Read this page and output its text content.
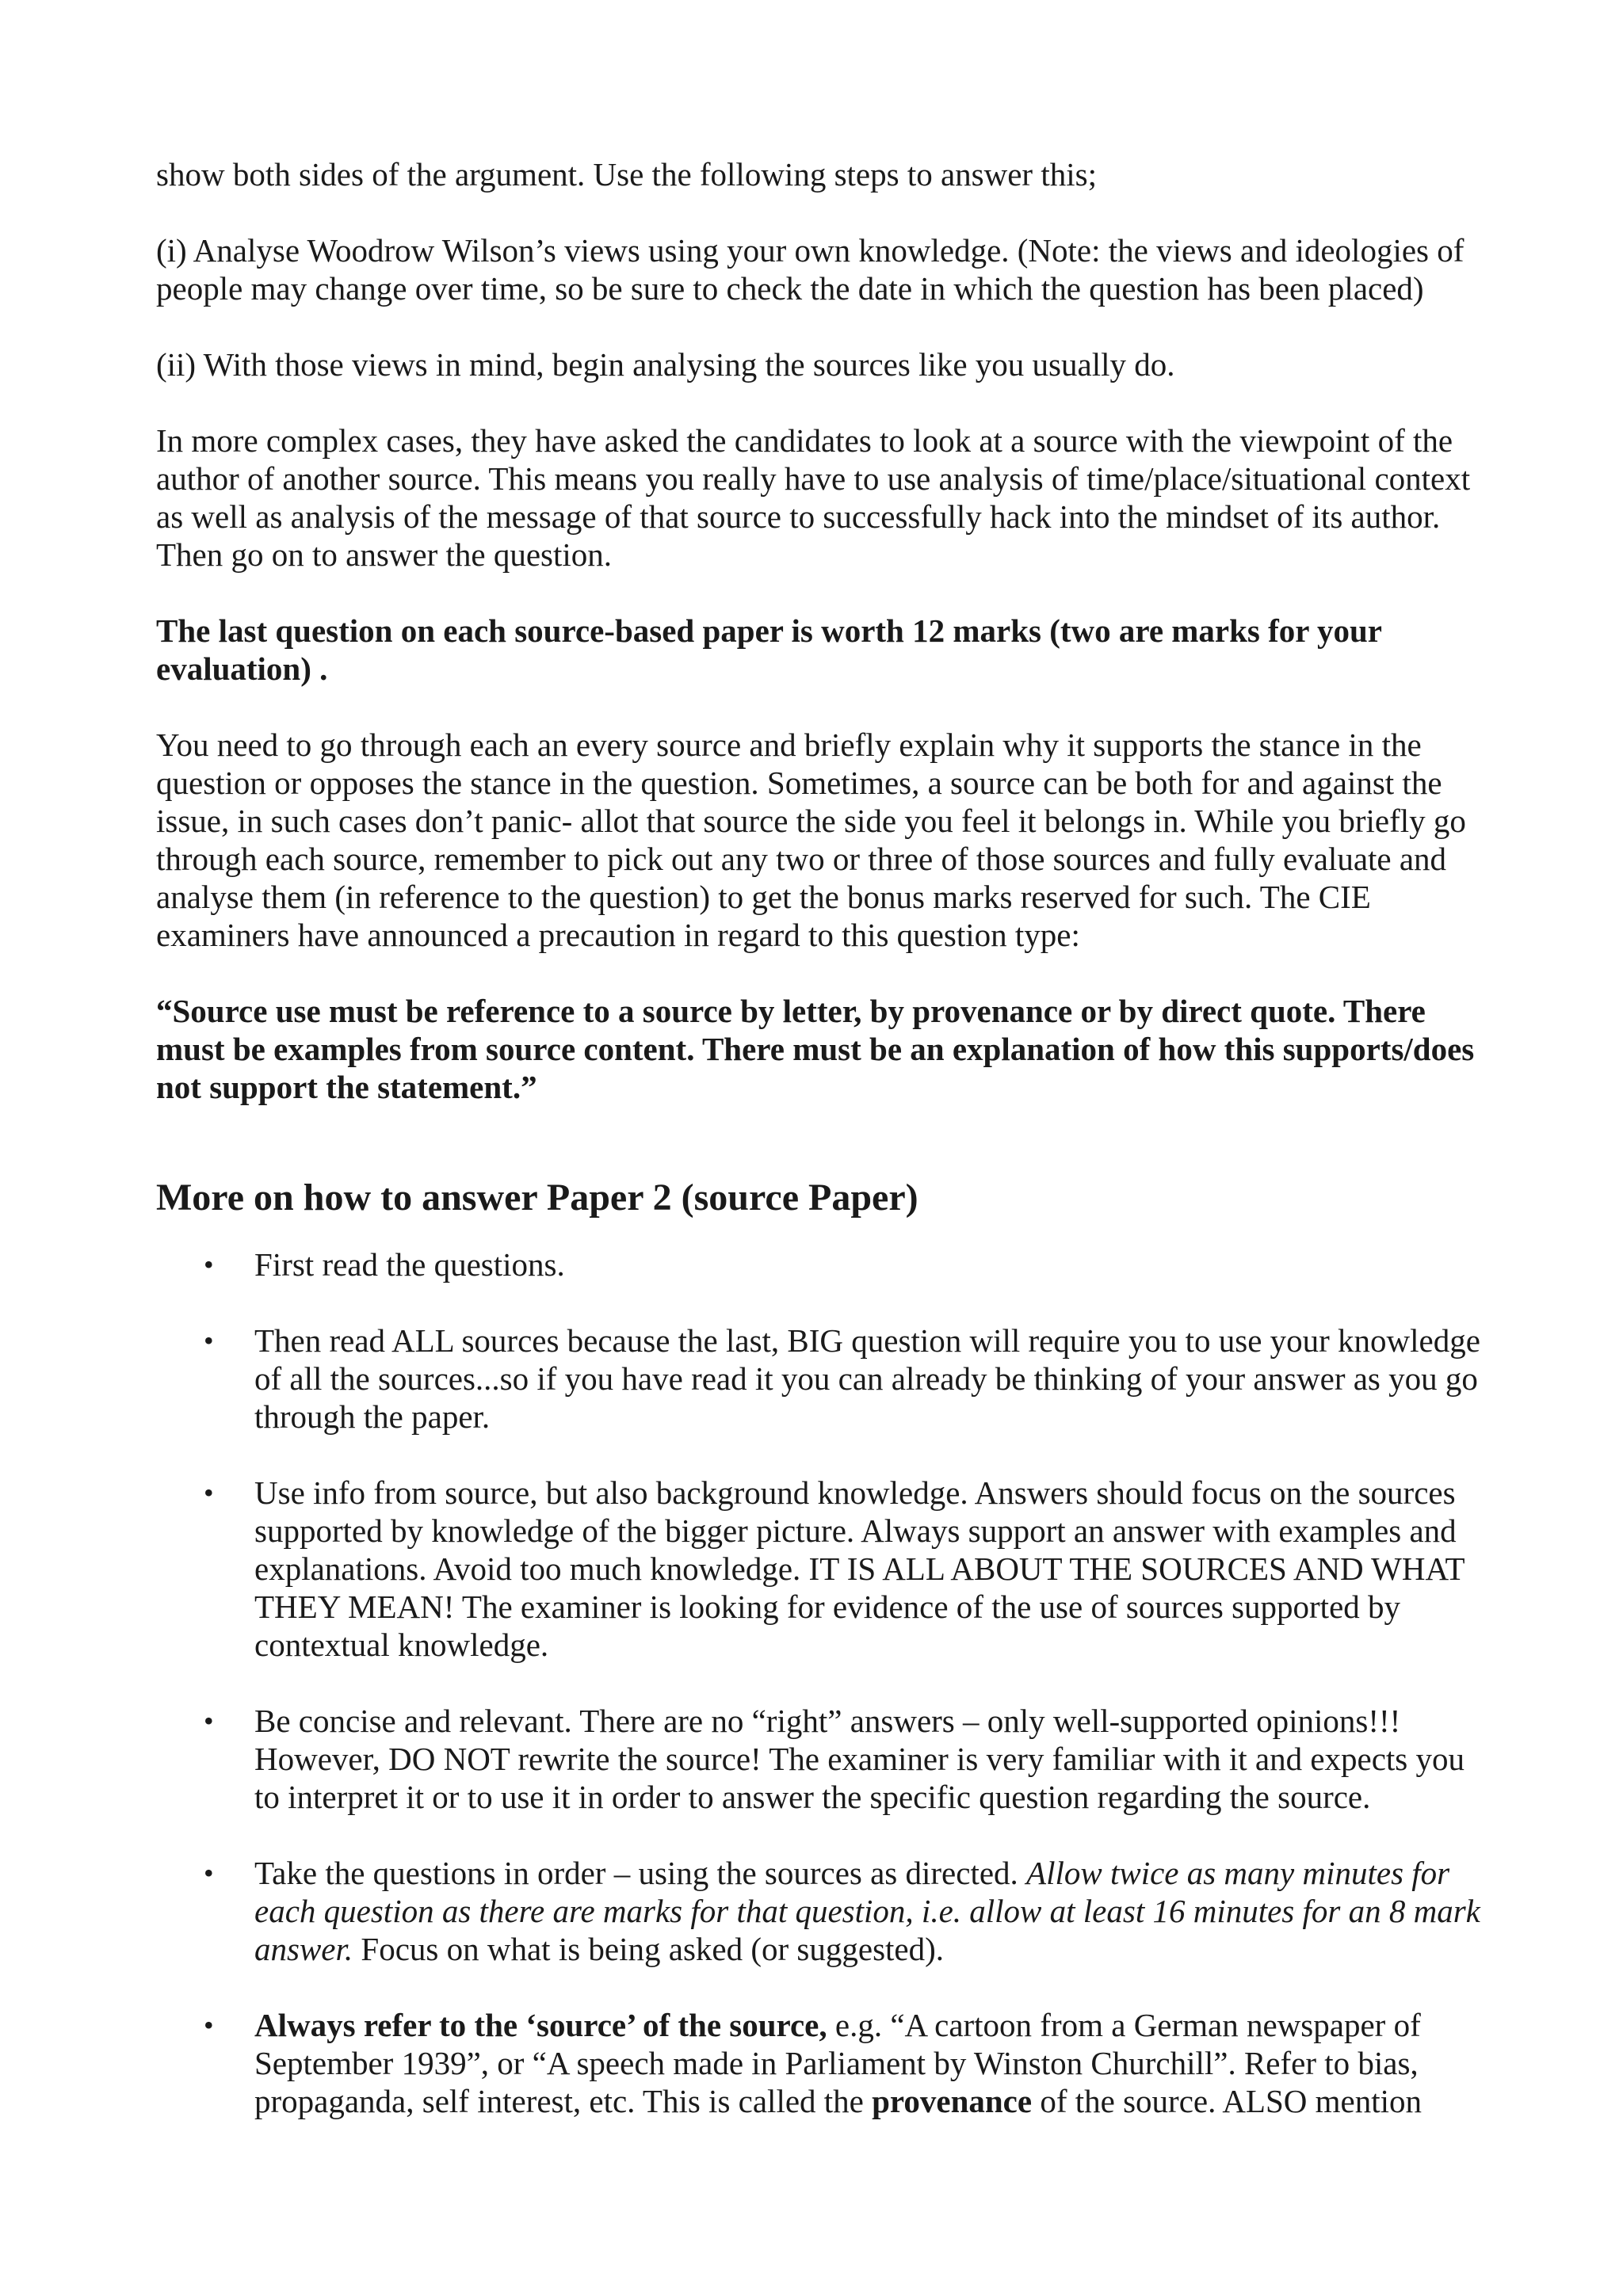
show both sides of the argument. Use the following steps to answer this;

(i) Analyse Woodrow Wilson’s views using your own knowledge. (Note: the views and ideologies of people may change over time, so be sure to check the date in which the question has been placed)

(ii) With those views in mind, begin analysing the sources like you usually do.

In more complex cases, they have asked the candidates to look at a source with the viewpoint of the author of another source. This means you really have to use analysis of time/place/situational context as well as analysis of the message of that source to successfully hack into the mindset of its author. Then go on to answer the question.

The last question on each source-based paper is worth 12 marks (two are marks for your evaluation) .

You need to go through each an every source and briefly explain why it supports the stance in the question or opposes the stance in the question. Sometimes, a source can be both for and against the issue, in such cases don’t panic- allot that source the side you feel it belongs in. While you briefly go through each source, remember to pick out any two or three of those sources and fully evaluate and analyse them (in reference to the question) to get the bonus marks reserved for such. The CIE examiners have announced a precaution in regard to this question type:

“Source use must be reference to a source by letter, by provenance or by direct quote. There must be examples from source content. There must be an explanation of how this supports/does not support the statement.”

More on how to answer Paper 2 (source Paper)
• First read the questions.
• Then read ALL sources because the last, BIG question will require you to use your knowledge of all the sources...so if you have read it you can already be thinking of your answer as you go through the paper.
• Use info from source, but also background knowledge. Answers should focus on the sources supported by knowledge of the bigger picture. Always support an answer with examples and explanations. Avoid too much knowledge. IT IS ALL ABOUT THE SOURCES AND WHAT THEY MEAN! The examiner is looking for evidence of the use of sources supported by contextual knowledge.
• Be concise and relevant. There are no “right” answers – only well-supported opinions!!! However, DO NOT rewrite the source! The examiner is very familiar with it and expects you to interpret it or to use it in order to answer the specific question regarding the source.
• Take the questions in order – using the sources as directed. Allow twice as many minutes for each question as there are marks for that question, i.e. allow at least 16 minutes for an 8 mark answer. Focus on what is being asked (or suggested).
• Always refer to the ‘source’ of the source, e.g. “A cartoon from a German newspaper of September 1939”, or “A speech made in Parliament by Winston Churchill”. Refer to bias, propaganda, self interest, etc. This is called the provenance of the source. ALSO mention
